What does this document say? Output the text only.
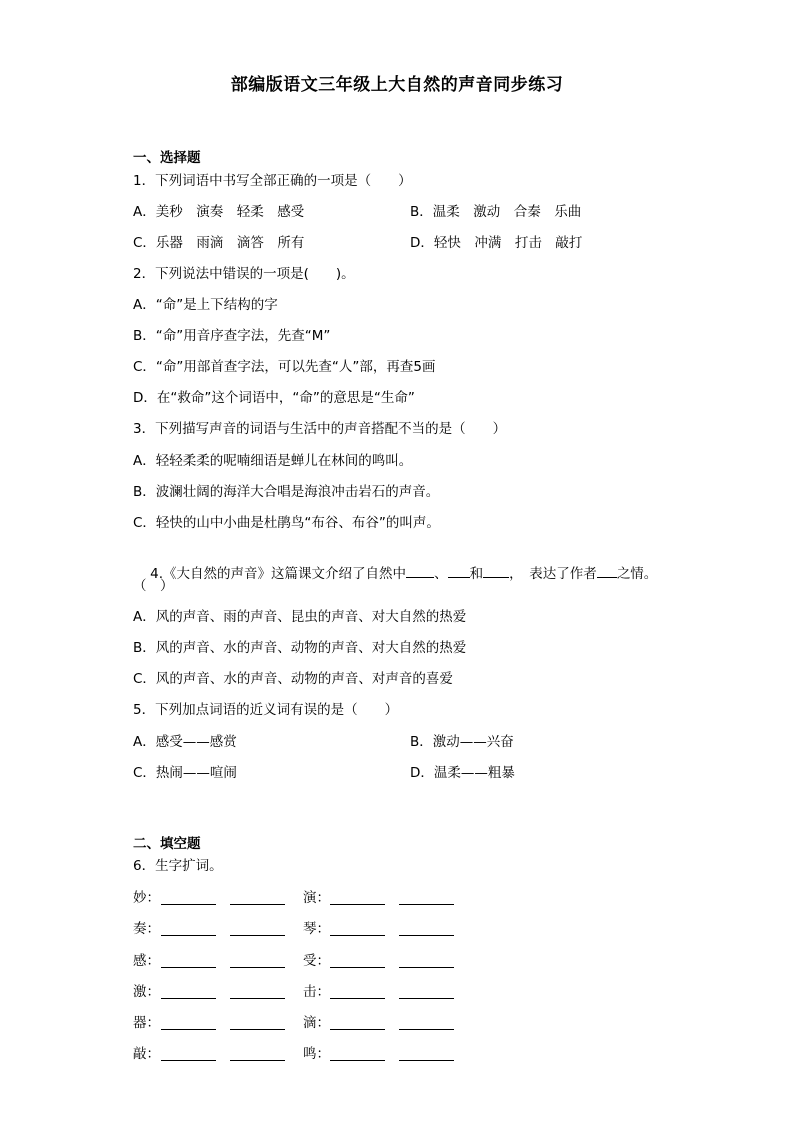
部编版语文三年级上大自然的声音同步练习
一、选择题
1．下列词语中书写全部正确的一项是（　　）
A．美秒　演奏　轻柔　感受	B．温柔　激动　合秦　乐曲
C．乐器　雨滴　滴答　所有	D．轻快　冲满　打击　敲打
2．下列说法中错误的一项是(　　)。
A．“命”是上下结构的字
B．“命”用音序查字法，先查“M”
C．“命”用部首查字法，可以先查“人”部，再查5画
D．在“救命”这个词语中，“命”的意思是“生命”
3．下列描写声音的词语与生活中的声音搭配不当的是（　　）
A．轻轻柔柔的呢喃细语是蝉儿在林间的鸣叫。
B．波澜壮阔的海洋大合唱是海浪冲击岩石的声音。
C．轻快的山中小曲是杜鹃鸟“布谷、布谷”的叫声。

4.《大自然的声音》这篇课文介绍了自然中 、 和 ，　表达了作者 之情。

（　）
A．风的声音、雨的声音、昆虫的声音、对大自然的热爱
B．风的声音、水的声音、动物的声音、对大自然的热爱
C．风的声音、水的声音、动物的声音、对声音的喜爱
5．下列加点词语的近义词有误的是（　　）
A．感受——感赏	B．激动——兴奋
C．热闹——喧闹	D．温柔——粗暴
二、填空题
6．生字扩词。
妙：	演：
奏：	琴：
感：	受：
激：	击：
器：	滴：
敲：	鸣：
